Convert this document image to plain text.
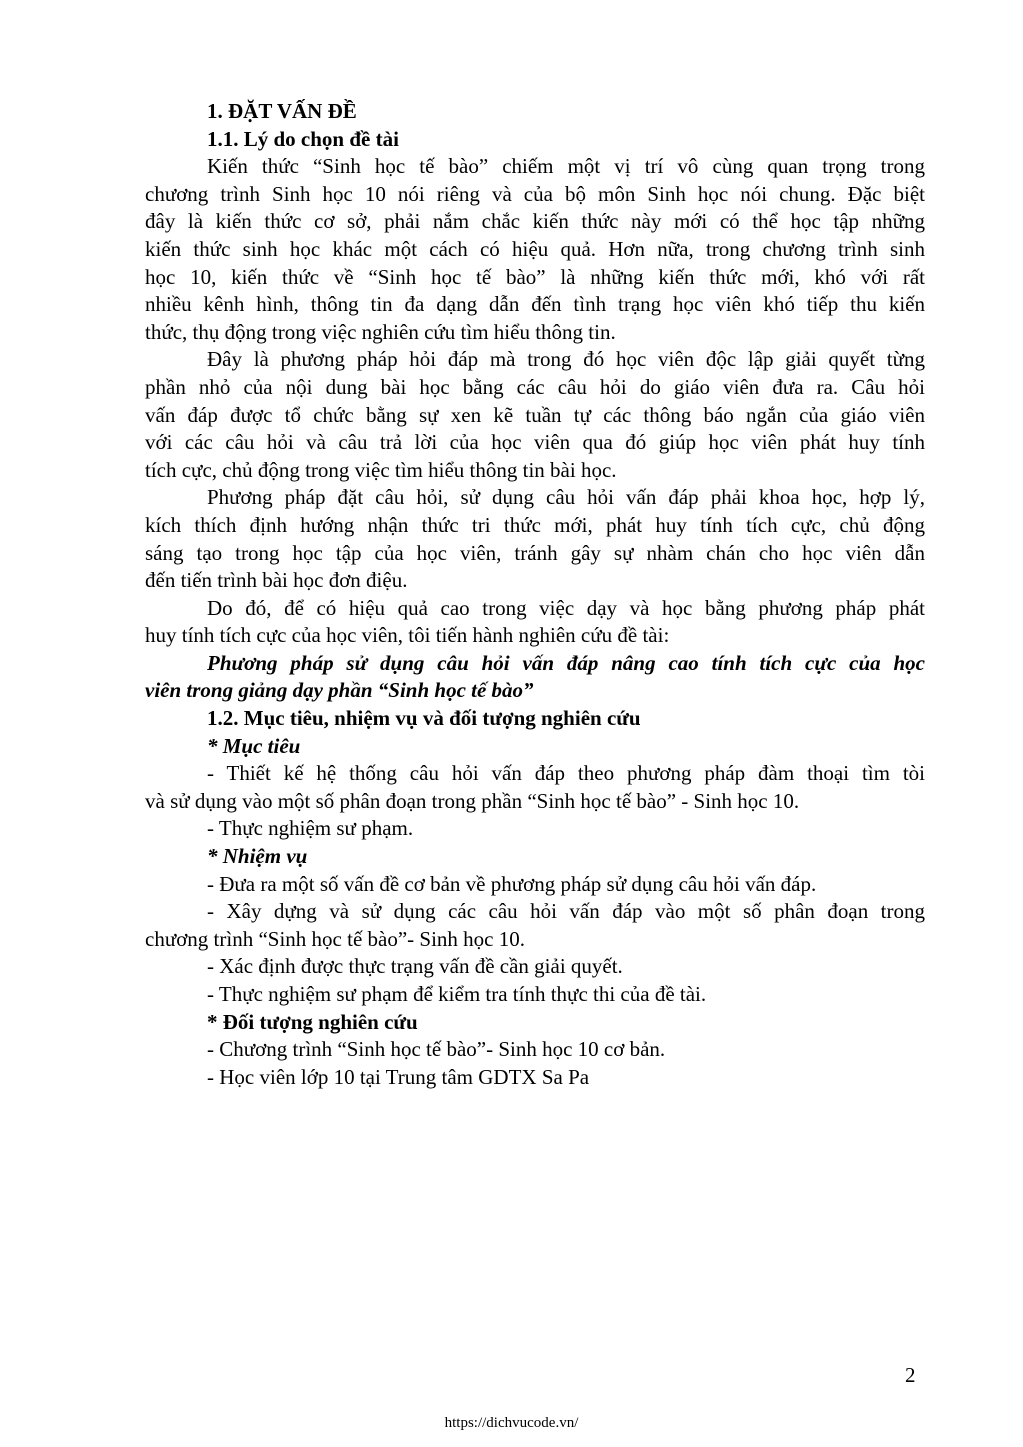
1. ĐẶT VẤN ĐỀ

1.1. Lý do chọn đề tài

Kiến thức “Sinh học tế bào” chiếm một vị trí vô cùng quan trọng trong

chương trình Sinh học 10 nói riêng và của bộ môn Sinh học nói chung. Đặc biệt

đây là kiến thức cơ sở, phải nắm chắc kiến thức này mới có thể học tập những

kiến thức sinh học khác một cách có hiệu quả. Hơn nữa, trong chương trình sinh

học 10, kiến thức về “Sinh học tế bào” là những kiến thức mới, khó với rất

nhiều kênh hình, thông tin đa dạng dẫn đến tình trạng học viên khó tiếp thu kiến

thức, thụ động trong việc nghiên cứu tìm hiểu thông tin.

Đây là phương pháp hỏi đáp mà trong đó học viên độc lập giải quyết từng

phần nhỏ của nội dung bài học bằng các câu hỏi do giáo viên đưa ra. Câu hỏi

vấn đáp được tổ chức bằng sự xen kẽ tuần tự các thông báo ngắn của giáo viên

với các câu hỏi và câu trả lời của học viên qua đó giúp học viên phát huy tính

tích cực, chủ động trong việc tìm hiểu thông tin bài học.

Phương pháp đặt câu hỏi, sử dụng câu hỏi vấn đáp phải khoa học, hợp lý,

kích thích định hướng nhận thức tri thức mới, phát huy tính tích cực, chủ động

sáng tạo trong học tập của học viên, tránh gây sự nhàm chán cho học viên dẫn

đến tiến trình bài học đơn điệu.

Do đó, để có hiệu quả cao trong việc dạy và học bằng phương pháp phát

huy tính tích cực của học viên, tôi tiến hành nghiên cứu đề tài:

Phương pháp sử dụng câu hỏi vấn đáp nâng cao tính tích cực của học

viên trong giảng dạy phần “Sinh học tế bào”

1.2. Mục tiêu, nhiệm vụ và đối tượng nghiên cứu

* Mục tiêu

- Thiết kế hệ thống câu hỏi vấn đáp theo phương pháp đàm thoại tìm tòi

và sử dụng vào một số phân đoạn trong phần “Sinh học tế bào” - Sinh học 10.

- Thực nghiệm sư phạm.

* Nhiệm vụ

- Đưa ra một số vấn đề cơ bản về phương pháp sử dụng câu hỏi vấn đáp.

- Xây dựng và sử dụng các câu hỏi vấn đáp vào một số phân đoạn trong

chương trình “Sinh học tế bào”- Sinh học 10.

- Xác định được thực trạng vấn đề cần giải quyết.

- Thực nghiệm sư phạm để kiểm tra tính thực thi của đề tài.

* Đối tượng nghiên cứu

- Chương trình “Sinh học tế bào”- Sinh học 10 cơ bản.

- Học viên lớp 10 tại Trung tâm GDTX Sa Pa

2
https://dichvucode.vn/
